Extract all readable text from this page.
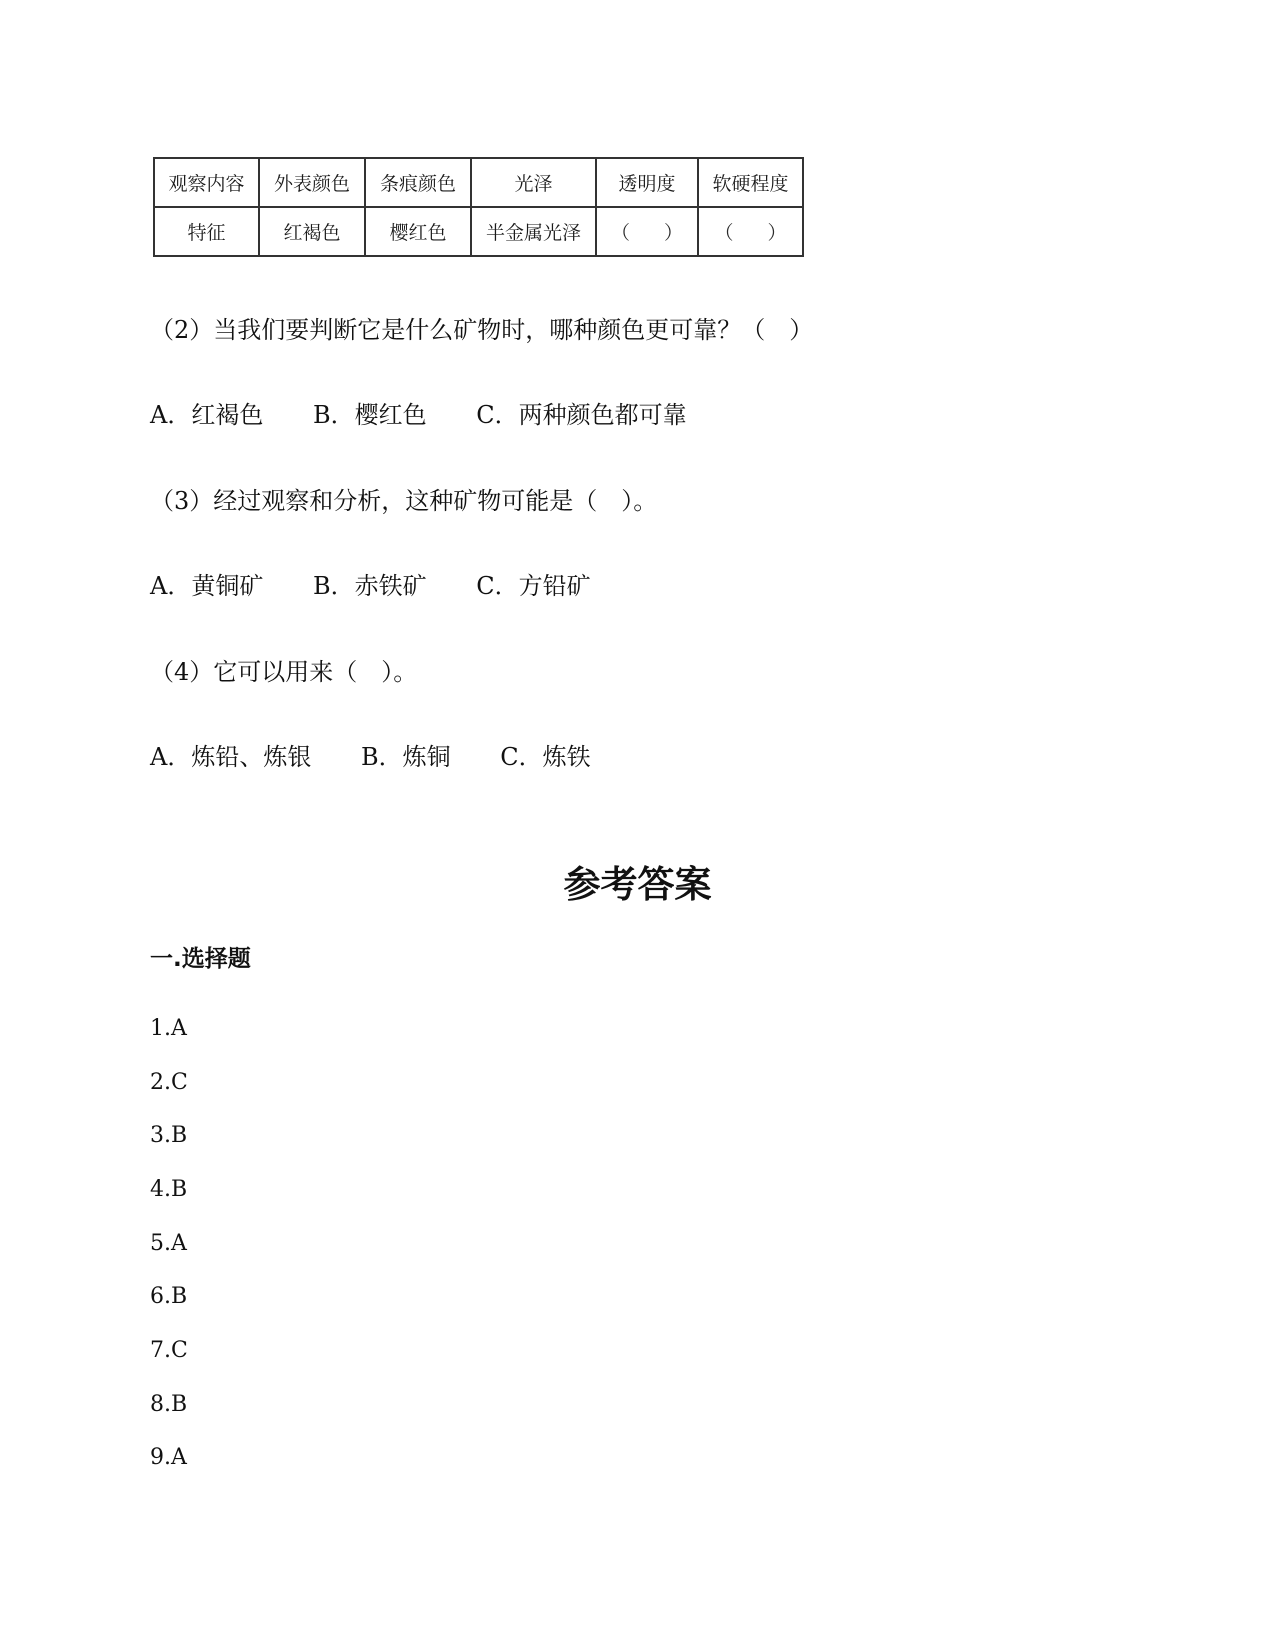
观察内容	外表颜色	条痕颜色	光泽	透明度	软硬程度
特征	红褐色	樱红色	半金属光泽	（ ）	（ ）
（2）当我们要判断它是什么矿物时，哪种颜色更可靠？（　）
A．红褐色 B．樱红色 C．两种颜色都可靠
（3）经过观察和分析，这种矿物可能是（　）。
A．黄铜矿 B．赤铁矿 C．方铅矿
（4）它可以用来（　）。
A．炼铅、炼银 B．炼铜 C．炼铁
参考答案
一.选择题
1.A
2.C
3.B
4.B
5.A
6.B
7.C
8.B
9.A
